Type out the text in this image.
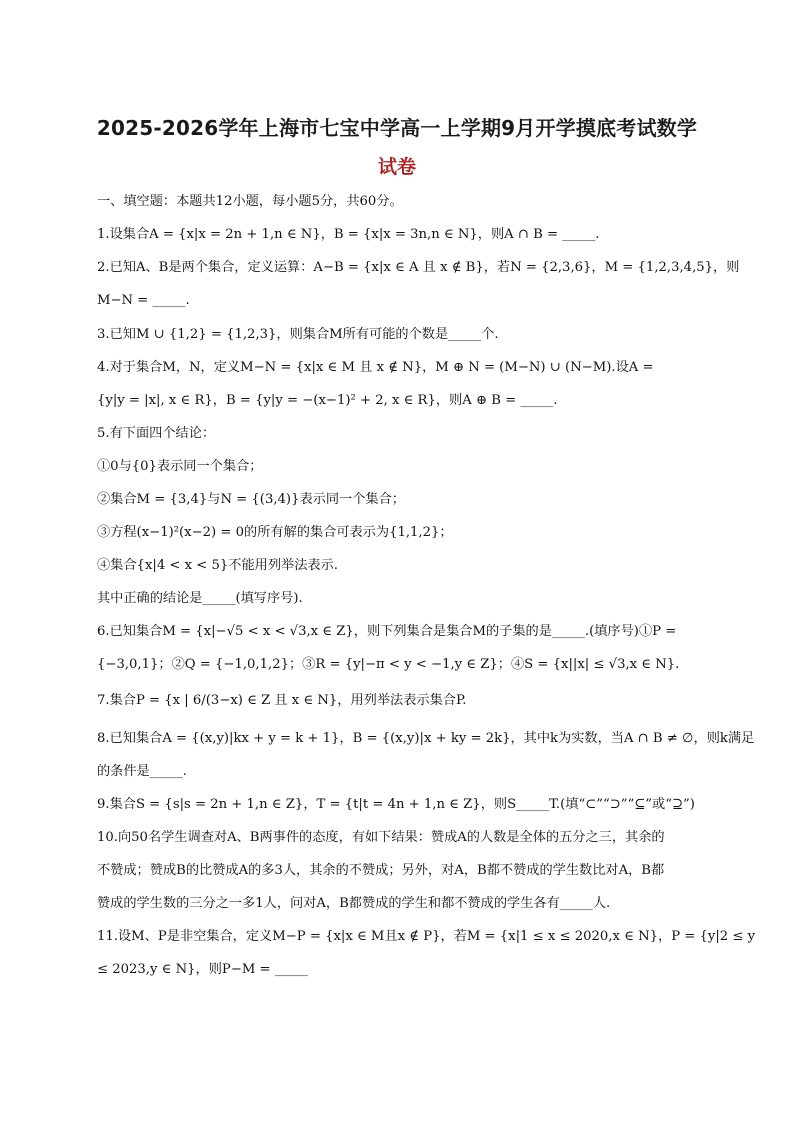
2025-2026学年上海市七宝中学高一上学期9月开学摸底考试数学
试卷
一、填空题：本题共12小题，每小题5分，共60分。
1.设集合A = {x|x = 2n + 1,n ∈ N}，B = {x|x = 3n,n ∈ N}，则A ∩ B = _____.
2.已知A、B是两个集合，定义运算：A−B = {x|x ∈ A 且 x ∉ B}，若N = {2,3,6}，M = {1,2,3,4,5}，则
M−N = _____.
3.已知M ∪ {1,2} = {1,2,3}，则集合M所有可能的个数是_____个.
4.对于集合M，N，定义M−N = {x|x ∈ M 且 x ∉ N}，M ⊕ N = (M−N) ∪ (N−M).设A =
{y|y = |x|, x ∈ R}，B = {y|y = −(x−1)² + 2, x ∈ R}，则A ⊕ B = _____.
5.有下面四个结论：
①0与{0}表示同一个集合；
②集合M = {3,4}与N = {(3,4)}表示同一个集合；
③方程(x−1)²(x−2) = 0的所有解的集合可表示为{1,1,2}；
④集合{x|4 < x < 5}不能用列举法表示.
其中正确的结论是_____(填写序号).
6.已知集合M = {x|−√5 < x < √3,x ∈ Z}，则下列集合是集合M的子集的是_____.(填序号)①P =
{−3,0,1}；②Q = {−1,0,1,2}；③R = {y|−π < y < −1,y ∈ Z}；④S = {x||x| ≤ √3,x ∈ N}.
7.集合P = {x | 6/(3−x) ∈ Z 且 x ∈ N}，用列举法表示集合P.
8.已知集合A = {(x,y)|kx + y = k + 1}，B = {(x,y)|x + ky = 2k}，其中k为实数，当A ∩ B ≠ ∅，则k满足
的条件是_____.
9.集合S = {s|s = 2n + 1,n ∈ Z}，T = {t|t = 4n + 1,n ∈ Z}，则S_____T.(填“⊂”“⊃”“⊆”或“⊇”)
10.向50名学生调查对A、B两事件的态度，有如下结果：赞成A的人数是全体的五分之三，其余的
不赞成；赞成B的比赞成A的多3人，其余的不赞成；另外，对A，B都不赞成的学生数比对A，B都
赞成的学生数的三分之一多1人，问对A，B都赞成的学生和都不赞成的学生各有_____人.
11.设M、P是非空集合，定义M−P = {x|x ∈ M且x ∉ P}，若M = {x|1 ≤ x ≤ 2020,x ∈ N}，P = {y|2 ≤ y
≤ 2023,y ∈ N}，则P−M = _____
